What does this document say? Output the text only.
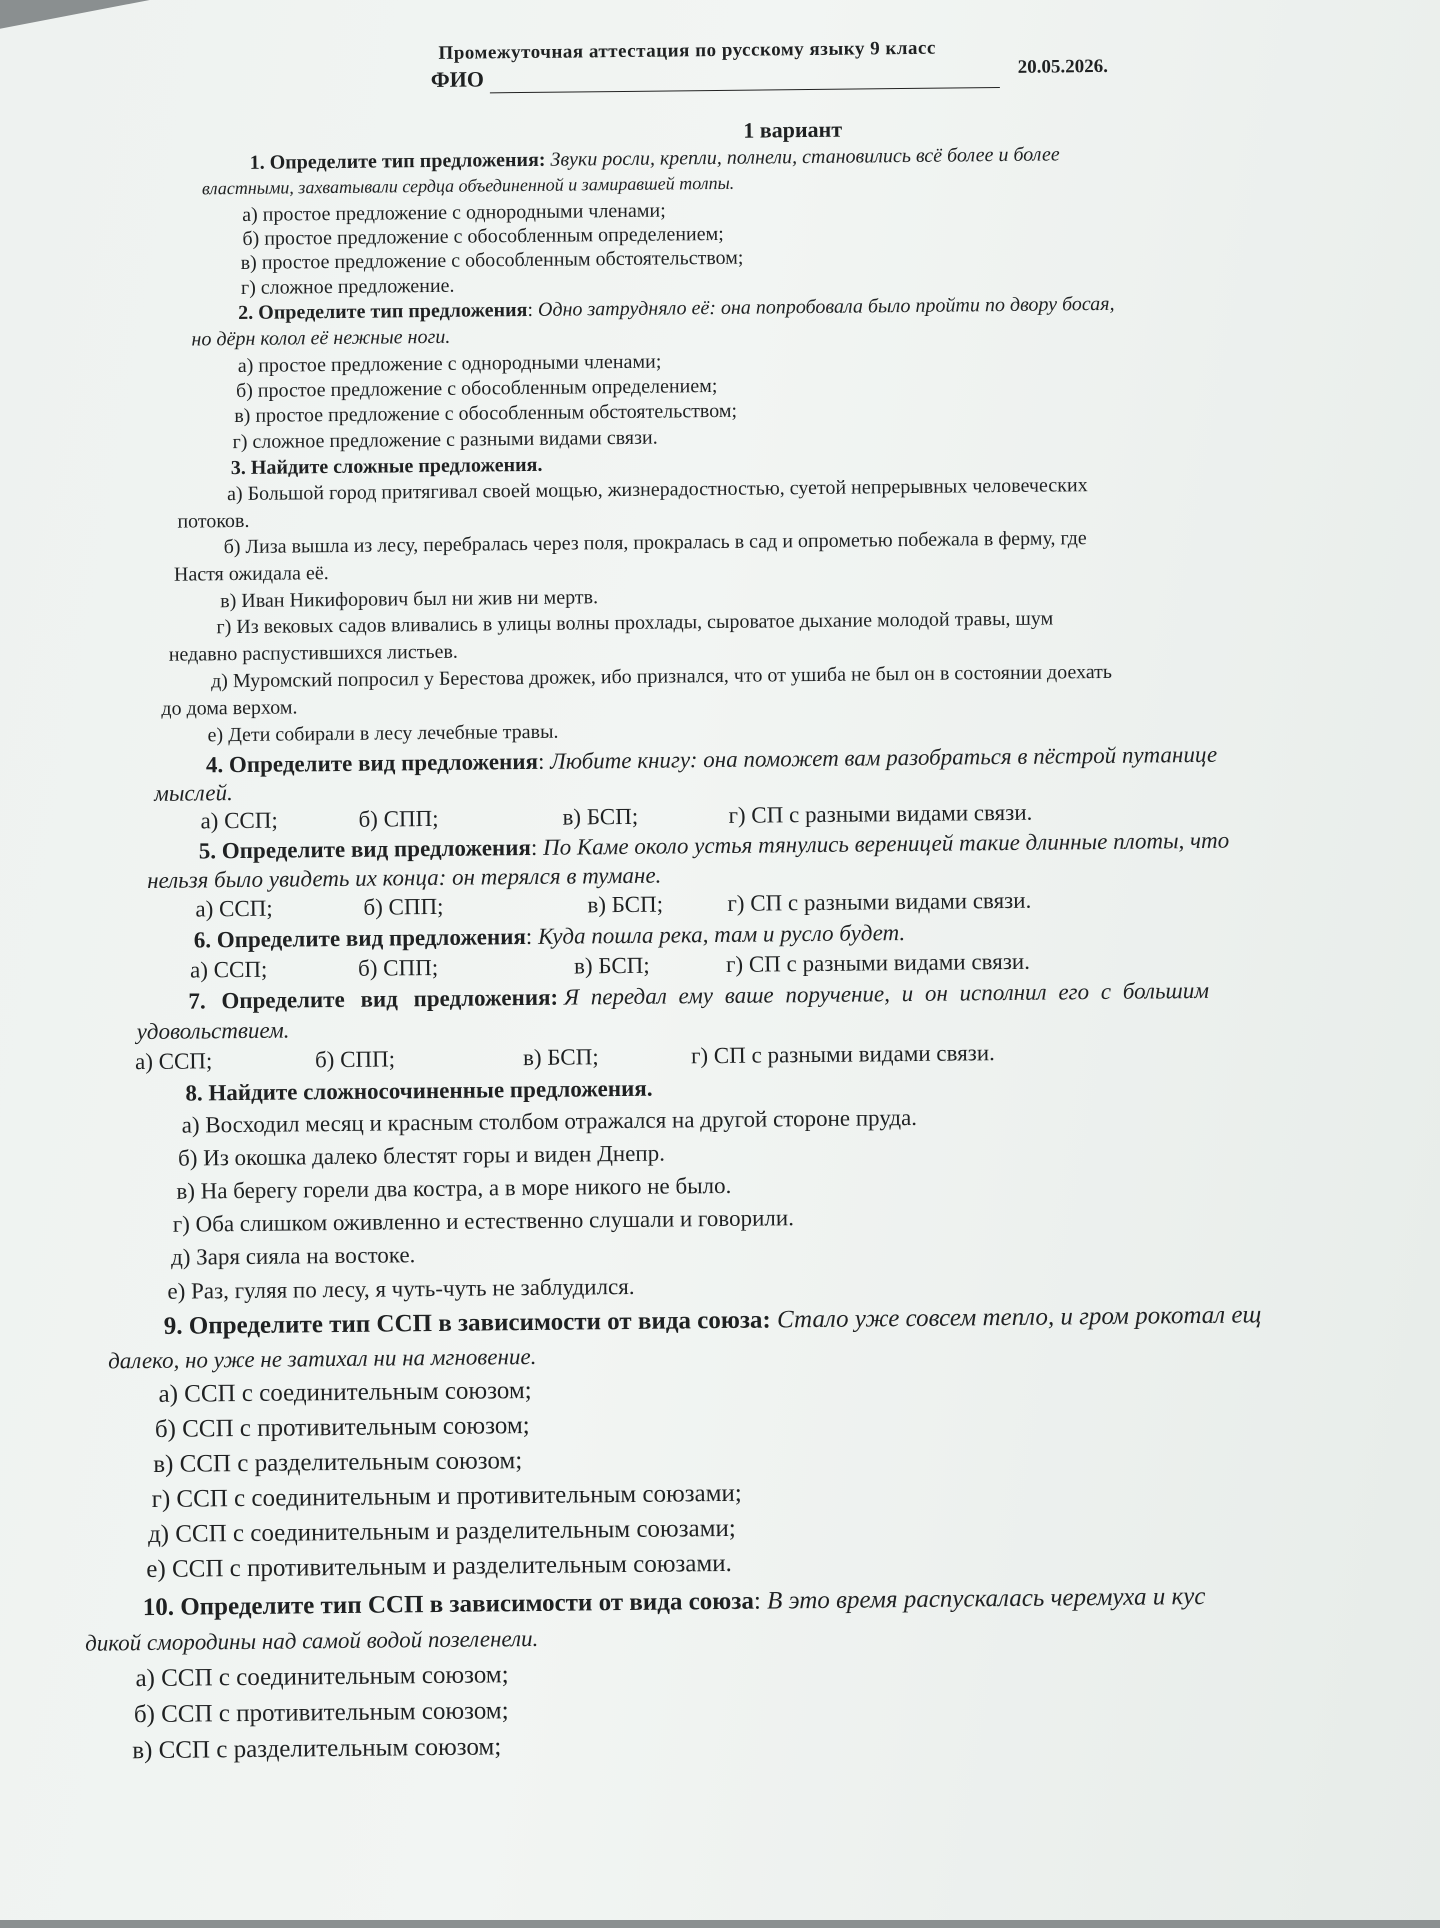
Промежуточная аттестация по русскому языку 9 класс
ФИО	20.05.2026.
1 вариант
1. Определите тип предложения: Звуки росли, крепли, полнели, становились всё более и более
властными, захватывали сердца объединенной и замиравшей толпы.
а) простое предложение с однородными членами;
б) простое предложение с обособленным определением;
в) простое предложение с обособленным обстоятельством;
г) сложное предложение.
2. Определите тип предложения: Одно затрудняло её: она попробовала было пройти по двору босая,
но дёрн колол её нежные ноги.
а) простое предложение с однородными членами;
б) простое предложение с обособленным определением;
в) простое предложение с обособленным обстоятельством;
г) сложное предложение с разными видами связи.
3. Найдите сложные предложения.
а) Большой город притягивал своей мощью, жизнерадостностью, суетой непрерывных человеческих
потоков.
б) Лиза вышла из лесу, перебралась через поля, прокралась в сад и опрометью побежала в ферму, где
Настя ожидала её.
в) Иван Никифорович был ни жив ни мертв.
г) Из вековых садов вливались в улицы волны прохлады, сыроватое дыхание молодой травы, шум
недавно распустившихся листьев.
д) Муромский попросил у Берестова дрожек, ибо признался, что от ушиба не был он в состоянии доехать
до дома верхом.
е) Дети собирали в лесу лечебные травы.
4. Определите вид предложения: Любите книгу: она поможет вам разобраться в пёстрой путанице
мыслей.
а) ССП;	б) СПП;	в) БСП;	г) СП с разными видами связи.
5. Определите вид предложения: По Каме около устья тянулись вереницей такие длинные плоты, что
нельзя было увидеть их конца: он терялся в тумане.
а) ССП;	б) СПП;	в) БСП;	г) СП с разными видами связи.
6. Определите вид предложения: Куда пошла река, там и русло будет.
а) ССП;	б) СПП;	в) БСП;	г) СП с разными видами связи.
7. Определите вид предложения: Я передал ему ваше поручение, и он исполнил его с большим
удовольствием.
а) ССП;	б) СПП;	в) БСП;	г) СП с разными видами связи.
8. Найдите сложносочиненные предложения.
а) Восходил месяц и красным столбом отражался на другой стороне пруда.
б) Из окошка далеко блестят горы и виден Днепр.
в) На берегу горели два костра, а в море никого не было.
г) Оба слишком оживленно и естественно слушали и говорили.
д) Заря сияла на востоке.
е) Раз, гуляя по лесу, я чуть-чуть не заблудился.
9. Определите тип ССП в зависимости от вида союза: Стало уже совсем тепло, и гром рокотал ещ
далеко, но уже не затихал ни на мгновение.
а) ССП с соединительным союзом;
б) ССП с противительным союзом;
в) ССП с разделительным союзом;
г) ССП с соединительным и противительным союзами;
д) ССП с соединительным и разделительным союзами;
е) ССП с противительным и разделительным союзами.
10. Определите тип ССП в зависимости от вида союза: В это время распускалась черемуха и кус
дикой смородины над самой водой позеленели.
а) ССП с соединительным союзом;
б) ССП с противительным союзом;
в) ССП с разделительным союзом;
